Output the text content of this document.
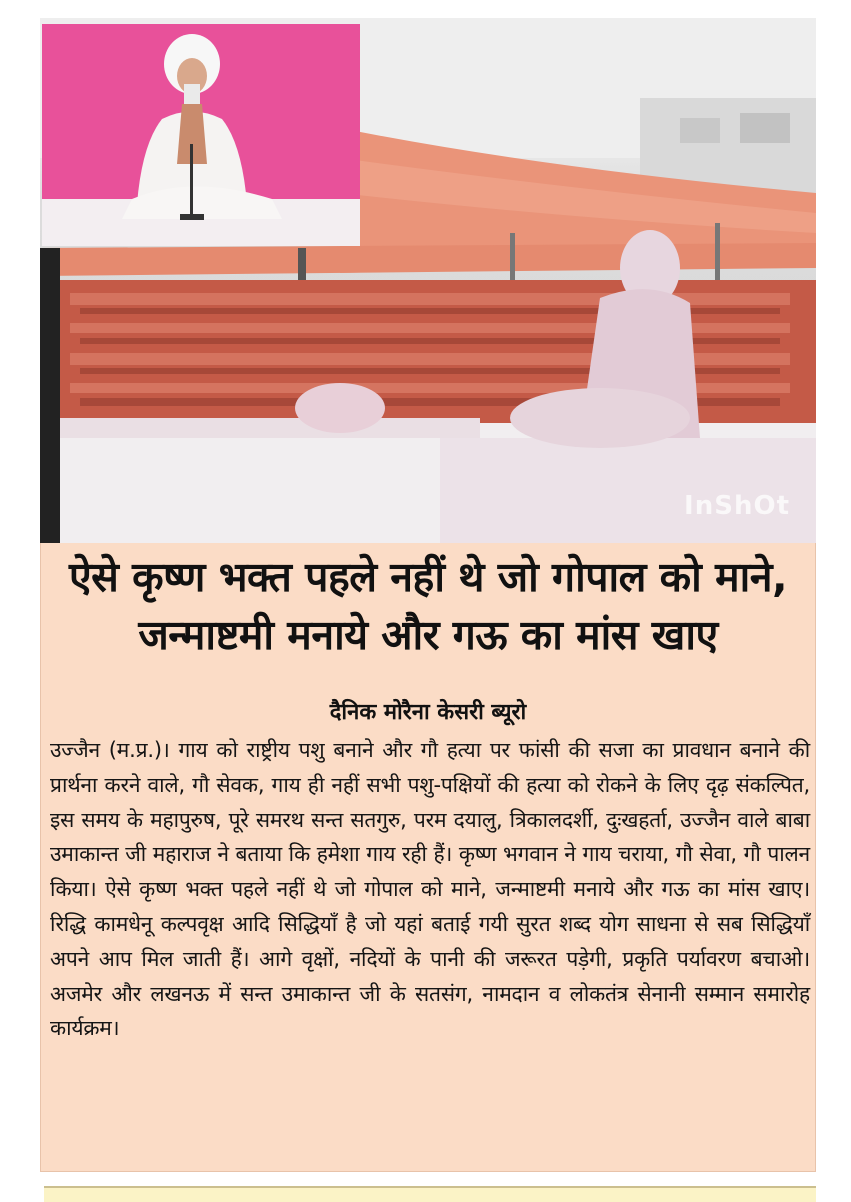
InShOt
ऐसे कृष्ण भक्त पहले नहीं थे जो गोपाल को माने, जन्माष्टमी मनाये और गऊ का मांस खाए
दैनिक मोरैना केसरी ब्यूरो

उज्जैन (म.प्र.)। गाय को राष्ट्रीय पशु बनाने और गौ हत्या पर फांसी की सजा का प्रावधान बनाने की प्रार्थना करने वाले, गौ सेवक, गाय ही नहीं सभी पशु-पक्षियों की हत्या को रोकने के लिए दृढ़ संकल्पित, इस समय के महापुरुष, पूरे समरथ सन्त सतगुरु, परम दयालु, त्रिकालदर्शी, दुःखहर्ता, उज्जैन वाले बाबा उमाकान्त जी महाराज ने बताया कि हमेशा गाय रही हैं। कृष्ण भगवान ने गाय चराया, गौ सेवा, गौ पालन किया। ऐसे कृष्ण भक्त पहले नहीं थे जो गोपाल को माने, जन्माष्टमी मनाये और गऊ का मांस खाए। रिद्धि कामधेनू कल्पवृक्ष आदि सिद्धियाँ है जो यहां बताई गयी सुरत शब्द योग साधना से सब सिद्धियाँ अपने आप मिल जाती हैं। आगे वृक्षों, नदियों के पानी की जरूरत पड़ेगी, प्रकृति पर्यावरण बचाओ। अजमेर और लखनऊ में सन्त उमाकान्त जी के सतसंग, नामदान व लोकतंत्र सेनानी सम्मान समारोह कार्यक्रम।
